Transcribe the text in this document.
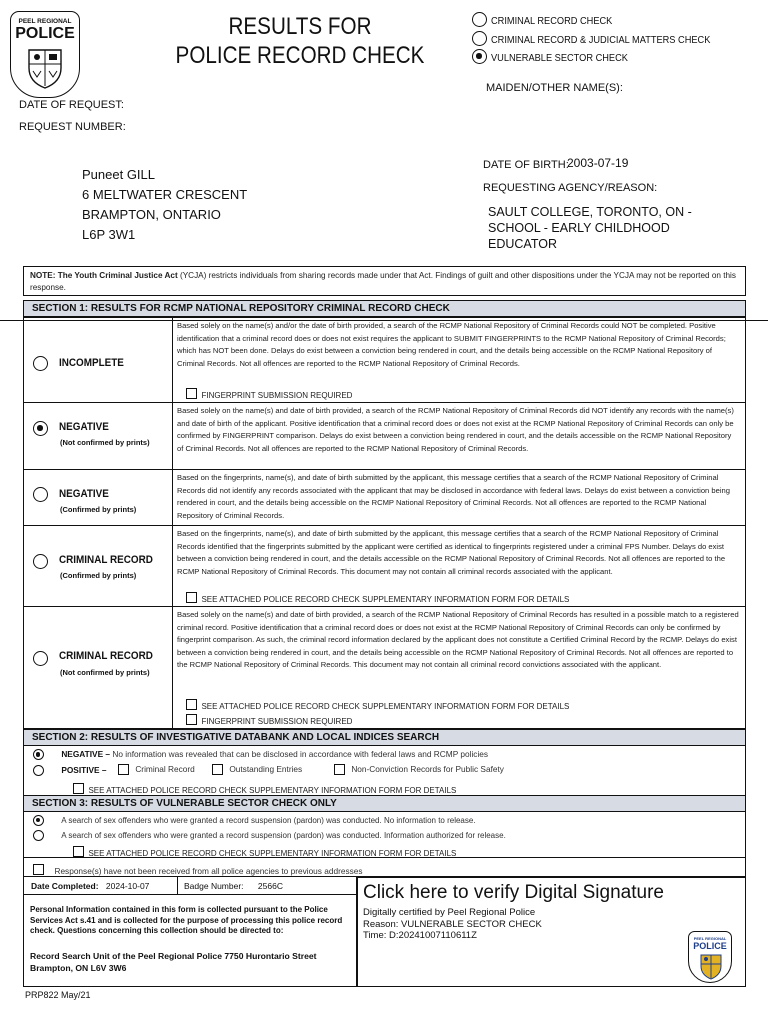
PEEL REGIONAL
POLICE	RESULTS FOR
POLICE RECORD CHECK
CRIMINAL RECORD CHECK
CRIMINAL RECORD & JUDICIAL MATTERS CHECK
VULNERABLE SECTOR CHECK
MAIDEN/OTHER NAME(S):
DATE OF REQUEST:
REQUEST NUMBER:
Puneet GILL
6 MELTWATER CRESCENT
BRAMPTON, ONTARIO
L6P 3W1
DATE OF BIRTH:
2003-07-19
REQUESTING AGENCY/REASON:
SAULT COLLEGE, TORONTO, ON -
SCHOOL - EARLY CHILDHOOD
EDUCATOR
NOTE: The Youth Criminal Justice Act (YCJA) restricts individuals from sharing records made under that Act. Findings of guilt and other dispositions under the YCJA may not be reported on this response.
SECTION 1: RESULTS FOR RCMP NATIONAL REPOSITORY CRIMINAL RECORD CHECK
INCOMPLETE
Based solely on the name(s) and/or the date of birth provided, a search of the RCMP National Repository of Criminal Records could NOT be completed. Positive identification that a criminal record does or does not exist requires the applicant to SUBMIT FINGERPRINTS to the RCMP National Repository of Criminal Records; which has NOT been done. Delays do exist between a conviction being rendered in court, and the details being accessible on the RCMP National Repository of Criminal Records. Not all offences are reported to the RCMP National Repository of Criminal Records.
FINGERPRINT SUBMISSION REQUIRED
NEGATIVE
(Not confirmed by prints)
Based solely on the name(s) and date of birth provided, a search of the RCMP National Repository of Criminal Records did NOT identify any records with the name(s) and date of birth of the applicant. Positive identification that a criminal record does or does not exist at the RCMP National Repository of Criminal Records can only be confirmed by FINGERPRINT comparison. Delays do exist between a conviction being rendered in court, and the details accessible on the RCMP National Repository of Criminal Records. Not all offences are reported to the RCMP National Repository of Criminal Records.
NEGATIVE
(Confirmed by prints)
Based on the fingerprints, name(s), and date of birth submitted by the applicant, this message certifies that a search of the RCMP National Repository of Criminal Records did not identify any records associated with the applicant that may be disclosed in accordance with federal laws. Delays do exist between a conviction being rendered in court, and the details being accessible on the RCMP National Repository of Criminal Records. Not all offences are reported to the RCMP National Repository of Criminal Records.
CRIMINAL RECORD
(Confirmed by prints)
Based on the fingerprints, name(s), and date of birth submitted by the applicant, this message certifies that a search of the RCMP National Repository of Criminal Records identified that the fingerprints submitted by the applicant were certified as identical to fingerprints registered under a criminal FPS Number. Delays do exist between a conviction being rendered in court, and the details accessible on the RCMP National Repository of Criminal Records. Not all offences are reported to the RCMP National Repository of Criminal Records. This document may not contain all criminal records associated with the applicant.
SEE ATTACHED POLICE RECORD CHECK SUPPLEMENTARY INFORMATION FORM FOR DETAILS
CRIMINAL RECORD
(Not confirmed by prints)
Based solely on the name(s) and date of birth provided, a search of the RCMP National Repository of Criminal Records has resulted in a possible match to a registered criminal record. Positive identification that a criminal record does or does not exist at the RCMP National Repository of Criminal Records can only be confirmed by fingerprint comparison. As such, the criminal record information declared by the applicant does not constitute a Certified Criminal Record by the RCMP. Delays do exist between a conviction being rendered in court, and the details being accessible on the RCMP National Repository of Criminal Records. Not all offences are reported to the RCMP National Repository of Criminal Records. This document may not contain all criminal record convictions associated with the applicant.
SEE ATTACHED POLICE RECORD CHECK SUPPLEMENTARY INFORMATION FORM FOR DETAILS
FINGERPRINT SUBMISSION REQUIRED
SECTION 2: RESULTS OF INVESTIGATIVE DATABANK AND LOCAL INDICES SEARCH
NEGATIVE – No information was revealed that can be disclosed in accordance with federal laws and RCMP policies
POSITIVE –	Criminal Record	Outstanding Entries	Non-Conviction Records for Public Safety
SEE ATTACHED POLICE RECORD CHECK SUPPLEMENTARY INFORMATION FORM FOR DETAILS
SECTION 3: RESULTS OF VULNERABLE SECTOR CHECK ONLY
A search of sex offenders who were granted a record suspension (pardon) was conducted. No information to release.
A search of sex offenders who were granted a record suspension (pardon) was conducted. Information authorized for release.
SEE ATTACHED POLICE RECORD CHECK SUPPLEMENTARY INFORMATION FORM FOR DETAILS
Response(s) have not been received from all police agencies to previous addresses
Date Completed: 2024-10-07	Badge Number: 2566C
Personal Information contained in this form is collected pursuant to the Police Services Act s.41 and is collected for the purpose of processing this police record check. Questions concerning this collection should be directed to:
Record Search Unit of the Peel Regional Police 7750 Hurontario Street Brampton, ON L6V 3W6
Click here to verify Digital Signature
Digitally certified by Peel Regional Police
Reason: VULNERABLE SECTOR CHECK
Time: D:20241007110611Z	PEEL REGIONAL
POLICE
PRP822 May/21
